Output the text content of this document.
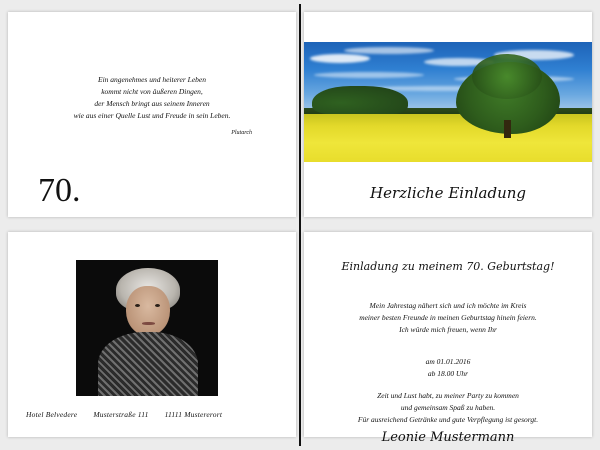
Ein angenehmes und heiterer Leben
kommt nicht von äußeren Dingen,
der Mensch bringt aus seinem Inneren
wie aus einer Quelle Lust und Freude in sein Leben.
Plutarch
70.	Herzliche Einladung
Hotel Belvedere Musterstraße 111 11111 Mustererort
Einladung zu meinem 70. Geburtstag!
Mein Jahrestag nähert sich und ich möchte im Kreis
meiner besten Freunde in meinen Geburtstag hinein feiern.
Ich würde mich freuen, wenn Ihr
am 01.01.2016
ab 18.00 Uhr
Zeit und Lust habt, zu meiner Party zu kommen
und gemeinsam Spaß zu haben.
Für ausreichend Getränke und gute Verpflegung ist gesorgt.
Leonie Mustermann
